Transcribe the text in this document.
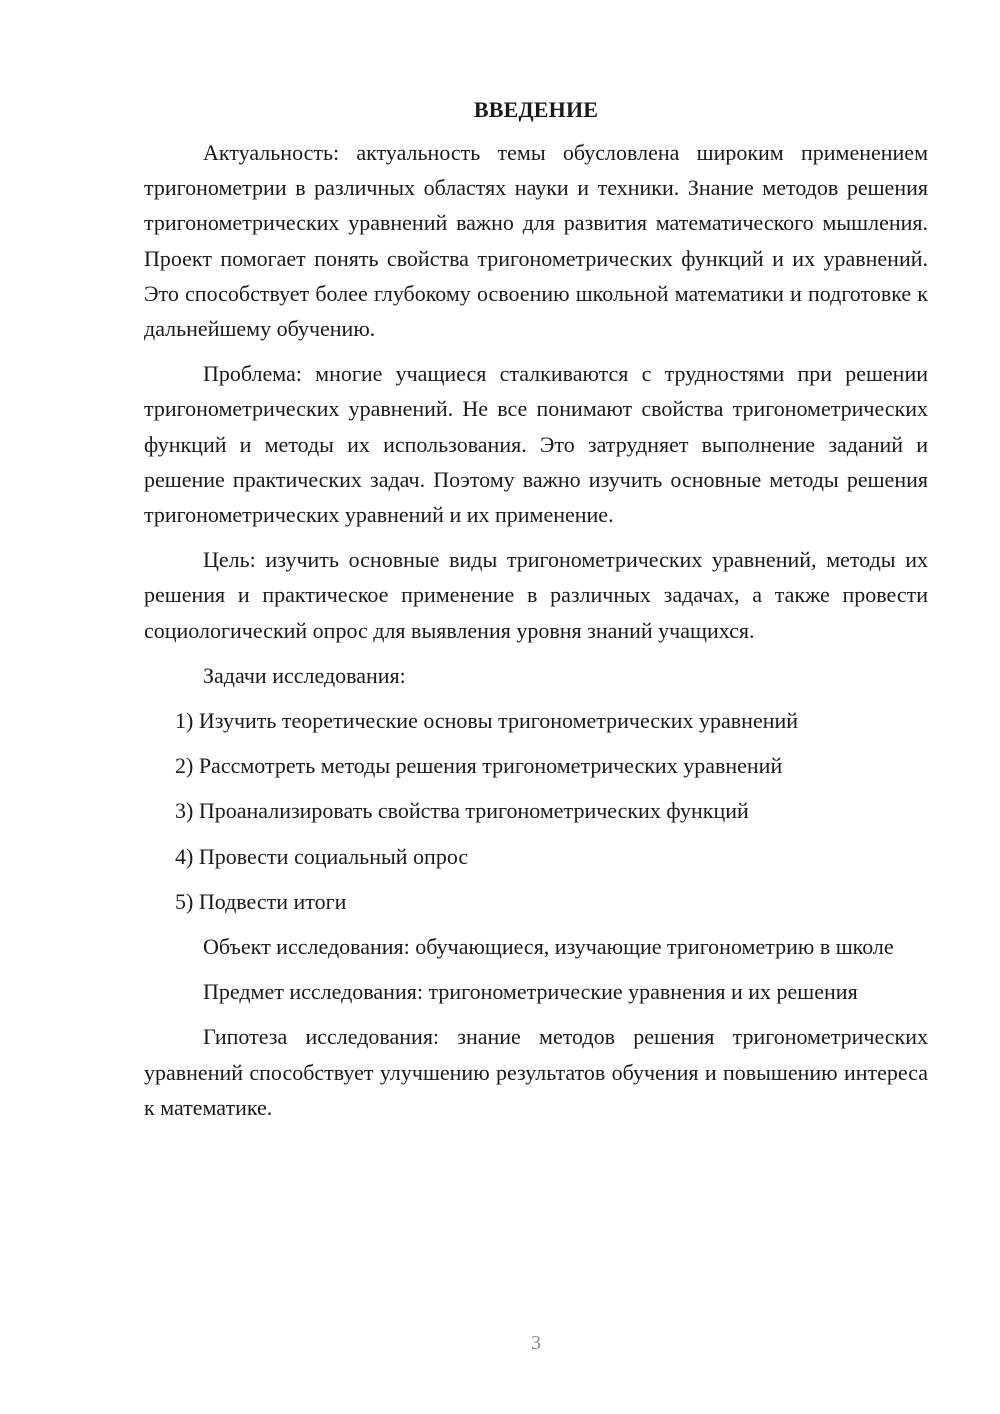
ВВЕДЕНИЕ

Актуальность: актуальность темы обусловлена широким применением тригонометрии в различных областях науки и техники. Знание методов решения тригонометрических уравнений важно для развития математического мышления. Проект помогает понять свойства тригонометрических функций и их уравнений. Это способствует более глубокому освоению школьной математики и подготовке к дальнейшему обучению.

Проблема: многие учащиеся сталкиваются с трудностями при решении тригонометрических уравнений. Не все понимают свойства тригонометрических функций и методы их использования. Это затрудняет выполнение заданий и решение практических задач. Поэтому важно изучить основные методы решения тригонометрических уравнений и их применение.

Цель: изучить основные виды тригонометрических уравнений, методы их решения и практическое применение в различных задачах, а также провести социологический опрос для выявления уровня знаний учащихся.

Задачи исследования:

1) Изучить теоретические основы тригонометрических уравнений
2) Рассмотреть методы решения тригонометрических уравнений
3) Проанализировать свойства тригонометрических функций
4) Провести социальный опрос
5) Подвести итоги

Объект исследования: обучающиеся, изучающие тригонометрию в школе

Предмет исследования: тригонометрические уравнения и их решения

Гипотеза исследования: знание методов решения тригонометрических уравнений способствует улучшению результатов обучения и повышению интереса к математике.

3
